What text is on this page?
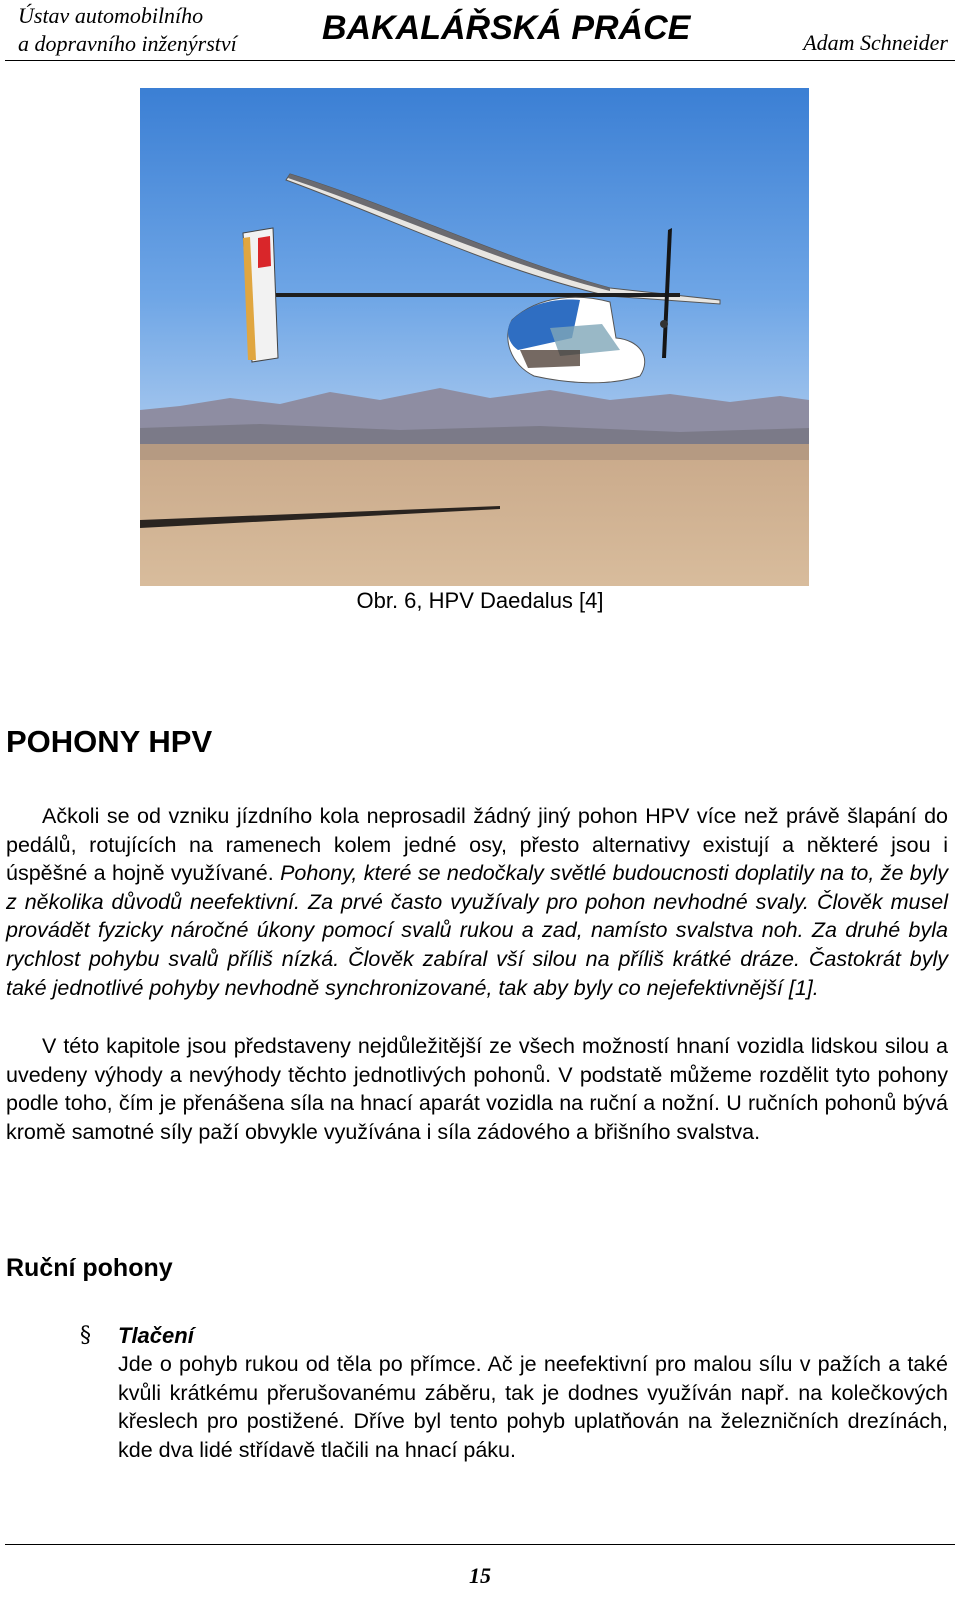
Ústav automobilního
a dopravního inženýrství	BAKALÁŘSKÁ PRÁCE	Adam Schneider
Obr. 6, HPV Daedalus [4]
POHONY HPV
Ačkoli se od vzniku jízdního kola neprosadil žádný jiný pohon HPV více než právě šlapání do pedálů, rotujících na ramenech kolem jedné osy, přesto alternativy existují a některé jsou i úspěšné a hojně využívané. Pohony, které se nedočkaly světlé budoucnosti doplatily na to, že byly z několika důvodů neefektivní. Za prvé často využívaly pro pohon nevhodné svaly. Člověk musel provádět fyzicky náročné úkony pomocí svalů rukou a zad, namísto svalstva noh. Za druhé byla rychlost pohybu svalů příliš nízká. Člověk zabíral vší silou na příliš krátké dráze. Častokrát byly také jednotlivé pohyby nevhodně synchronizované, tak aby byly co nejefektivnější [1].
V této kapitole jsou představeny nejdůležitější ze všech možností hnaní vozidla lidskou silou a uvedeny výhody a nevýhody těchto jednotlivých pohonů. V podstatě můžeme rozdělit tyto pohony podle toho, čím je přenášena síla na hnací aparát vozidla na ruční a nožní. U ručních pohonů bývá kromě samotné síly paží obvykle využívána i síla zádového a břišního svalstva.
Ruční pohony
§ Tlačení
Jde o pohyb rukou od těla po přímce. Ač je neefektivní pro malou sílu v pažích a také kvůli krátkému přerušovanému záběru, tak je dodnes využíván např. na kolečkových křeslech pro postižené. Dříve byl tento pohyb uplatňován na železničních drezínách, kde dva lidé střídavě tlačili na hnací páku.
15
